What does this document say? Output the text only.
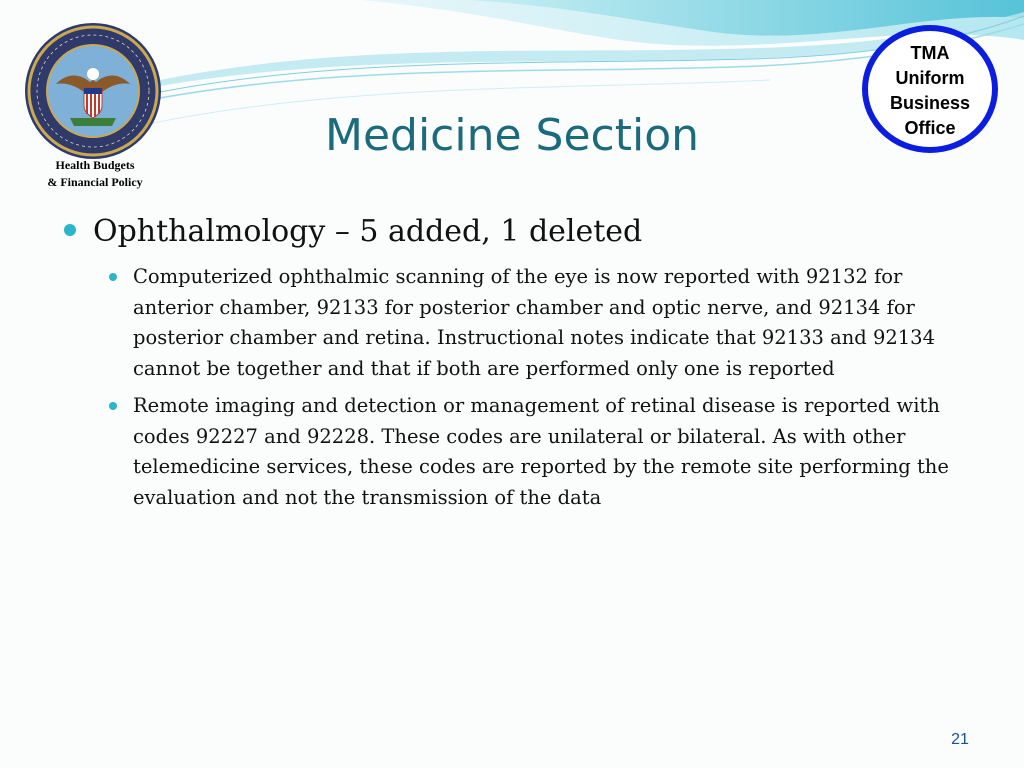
Health Budgets
& Financial Policy
Medicine Section
TMA
Uniform
Business
Office
Ophthalmology – 5 added, 1 deleted
Computerized ophthalmic scanning of the eye is now reported with 92132 for anterior chamber, 92133 for posterior chamber and optic nerve, and 92134 for posterior chamber and retina. Instructional notes indicate that 92133 and 92134 cannot be together and that if both are performed only one is reported
Remote imaging and detection or management of retinal disease is reported with codes 92227 and 92228. These codes are unilateral or bilateral. As with other telemedicine services, these codes are reported by the remote site performing the evaluation and not the transmission of the data
21
